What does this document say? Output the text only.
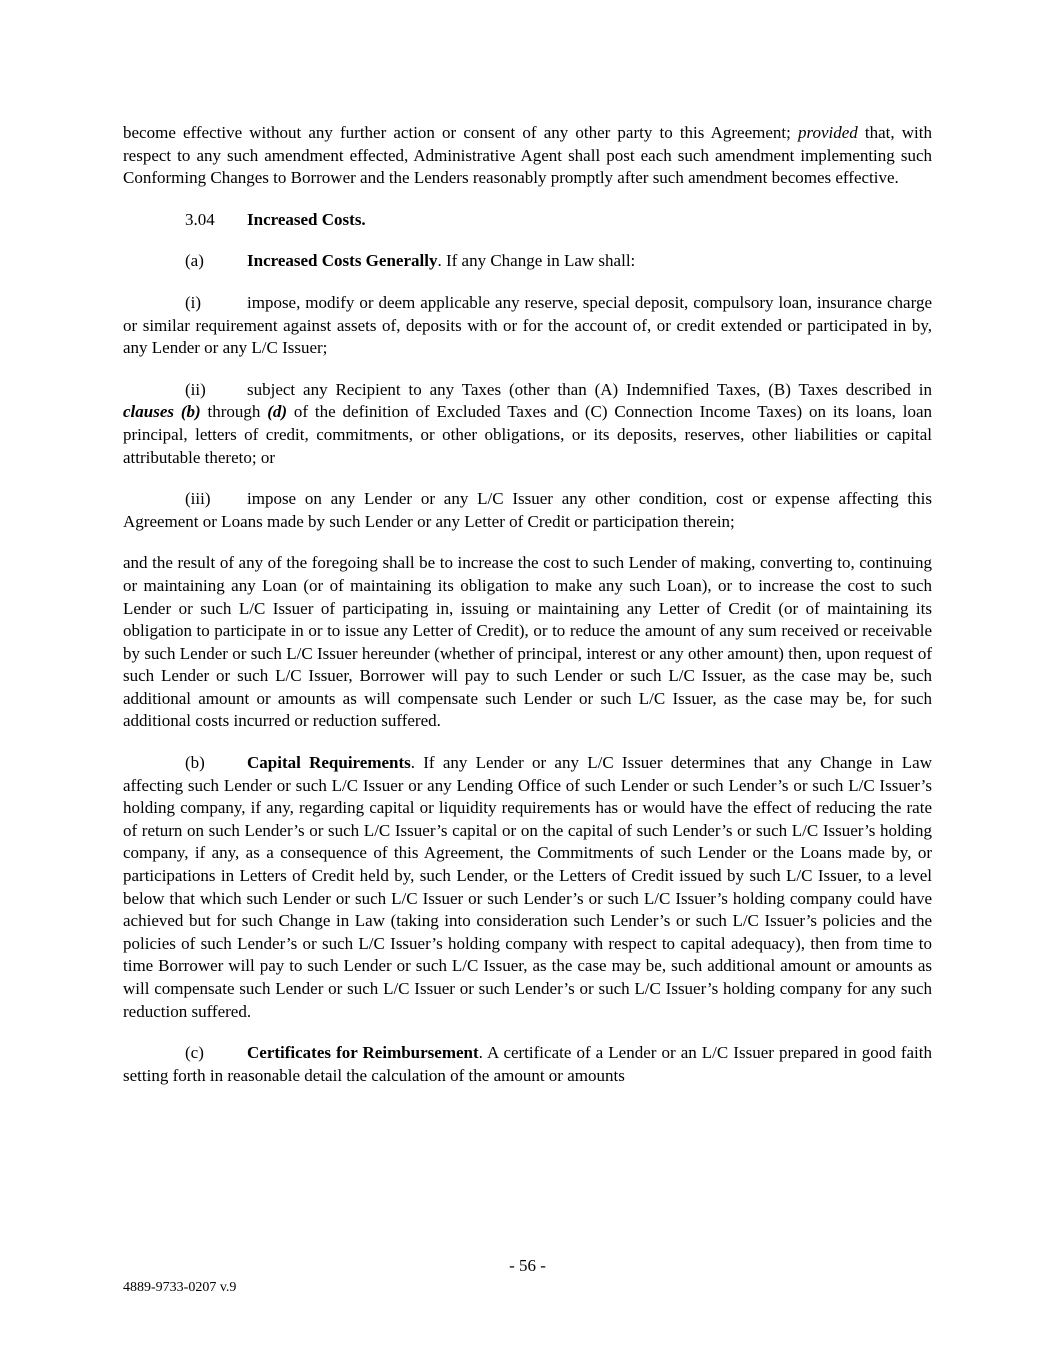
become effective without any further action or consent of any other party to this Agreement; provided that, with respect to any such amendment effected, Administrative Agent shall post each such amendment implementing such Conforming Changes to Borrower and the Lenders reasonably promptly after such amendment becomes effective.

3.04 Increased Costs.

(a)	Increased Costs Generally. If any Change in Law shall:

(i)	impose, modify or deem applicable any reserve, special deposit, compulsory loan, insurance charge or similar requirement against assets of, deposits with or for the account of, or credit extended or participated in by, any Lender or any L/C Issuer;

(ii) subject any Recipient to any Taxes (other than (A) Indemnified Taxes, (B) Taxes described in clauses (b) through (d) of the definition of Excluded Taxes and (C) Connection Income Taxes) on its loans, loan principal, letters of credit, commitments, or other obligations, or its deposits, reserves, other liabilities or capital attributable thereto; or

(iii) impose on any Lender or any L/C Issuer any other condition, cost or expense affecting this Agreement or Loans made by such Lender or any Letter of Credit or participation therein;

and the result of any of the foregoing shall be to increase the cost to such Lender of making, converting to, continuing or maintaining any Loan (or of maintaining its obligation to make any such Loan), or to increase the cost to such Lender or such L/C Issuer of participating in, issuing or maintaining any Letter of Credit (or of maintaining its obligation to participate in or to issue any Letter of Credit), or to reduce the amount of any sum received or receivable by such Lender or such L/C Issuer hereunder (whether of principal, interest or any other amount) then, upon request of such Lender or such L/C Issuer, Borrower will pay to such Lender or such L/C Issuer, as the case may be, such additional amount or amounts as will compensate such Lender or such L/C Issuer, as the case may be, for such additional costs incurred or reduction suffered.

(b) Capital Requirements. If any Lender or any L/C Issuer determines that any Change in Law affecting such Lender or such L/C Issuer or any Lending Office of such Lender or such Lender’s or such L/C Issuer’s holding company, if any, regarding capital or liquidity requirements has or would have the effect of reducing the rate of return on such Lender’s or such L/C Issuer’s capital or on the capital of such Lender’s or such L/C Issuer’s holding company, if any, as a consequence of this Agreement, the Commitments of such Lender or the Loans made by, or participations in Letters of Credit held by, such Lender, or the Letters of Credit issued by such L/C Issuer, to a level below that which such Lender or such L/C Issuer or such Lender’s or such L/C Issuer’s holding company could have achieved but for such Change in Law (taking into consideration such Lender’s or such L/C Issuer’s policies and the policies of such Lender’s or such L/C Issuer’s holding company with respect to capital adequacy), then from time to time Borrower will pay to such Lender or such L/C Issuer, as the case may be, such additional amount or amounts as will compensate such Lender or such L/C Issuer or such Lender’s or such L/C Issuer’s holding company for any such reduction suffered.

(c)	Certificates for Reimbursement. A certificate of a Lender or an L/C Issuer prepared in good faith setting forth in reasonable detail the calculation of the amount or amounts

- 56 -
4889-9733-0207 v.9
